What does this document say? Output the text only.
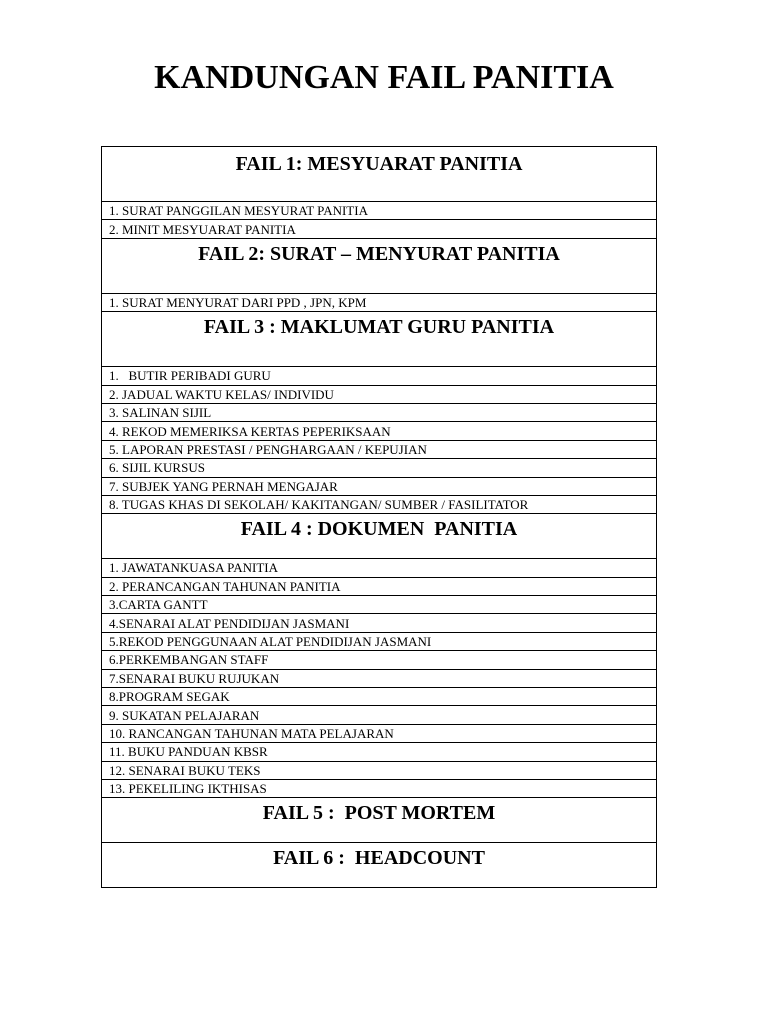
KANDUNGAN FAIL PANITIA
FAIL 1: MESYUARAT PANITIA

1. SURAT PANGGILAN MESYURAT PANITIA
2. MINIT MESYUARAT PANITIA

FAIL 2: SURAT – MENYURAT PANITIA

1. SURAT MENYURAT DARI PPD , JPN, KPM

FAIL 3 : MAKLUMAT GURU PANITIA

1.   BUTIR PERIBADI GURU
2. JADUAL WAKTU KELAS/ INDIVIDU
3. SALINAN SIJIL
4. REKOD MEMERIKSA KERTAS PEPERIKSAAN
5. LAPORAN PRESTASI / PENGHARGAAN / KEPUJIAN
6. SIJIL KURSUS
7. SUBJEK YANG PERNAH MENGAJAR
8. TUGAS KHAS DI SEKOLAH/ KAKITANGAN/ SUMBER / FASILITATOR

FAIL 4 : DOKUMEN  PANITIA

1. JAWATANKUASA PANITIA
2. PERANCANGAN TAHUNAN PANITIA
3.CARTA GANTT
4.SENARAI ALAT PENDIDIJAN JASMANI
5.REKOD PENGGUNAAN ALAT PENDIDIJAN JASMANI
6.PERKEMBANGAN STAFF
7.SENARAI BUKU RUJUKAN
8.PROGRAM SEGAK
9. SUKATAN PELAJARAN
10. RANCANGAN TAHUNAN MATA PELAJARAN
11. BUKU PANDUAN KBSR
12. SENARAI BUKU TEKS
13. PEKELILING IKTHISAS

FAIL 5 :  POST MORTEM

FAIL 6 :  HEADCOUNT
